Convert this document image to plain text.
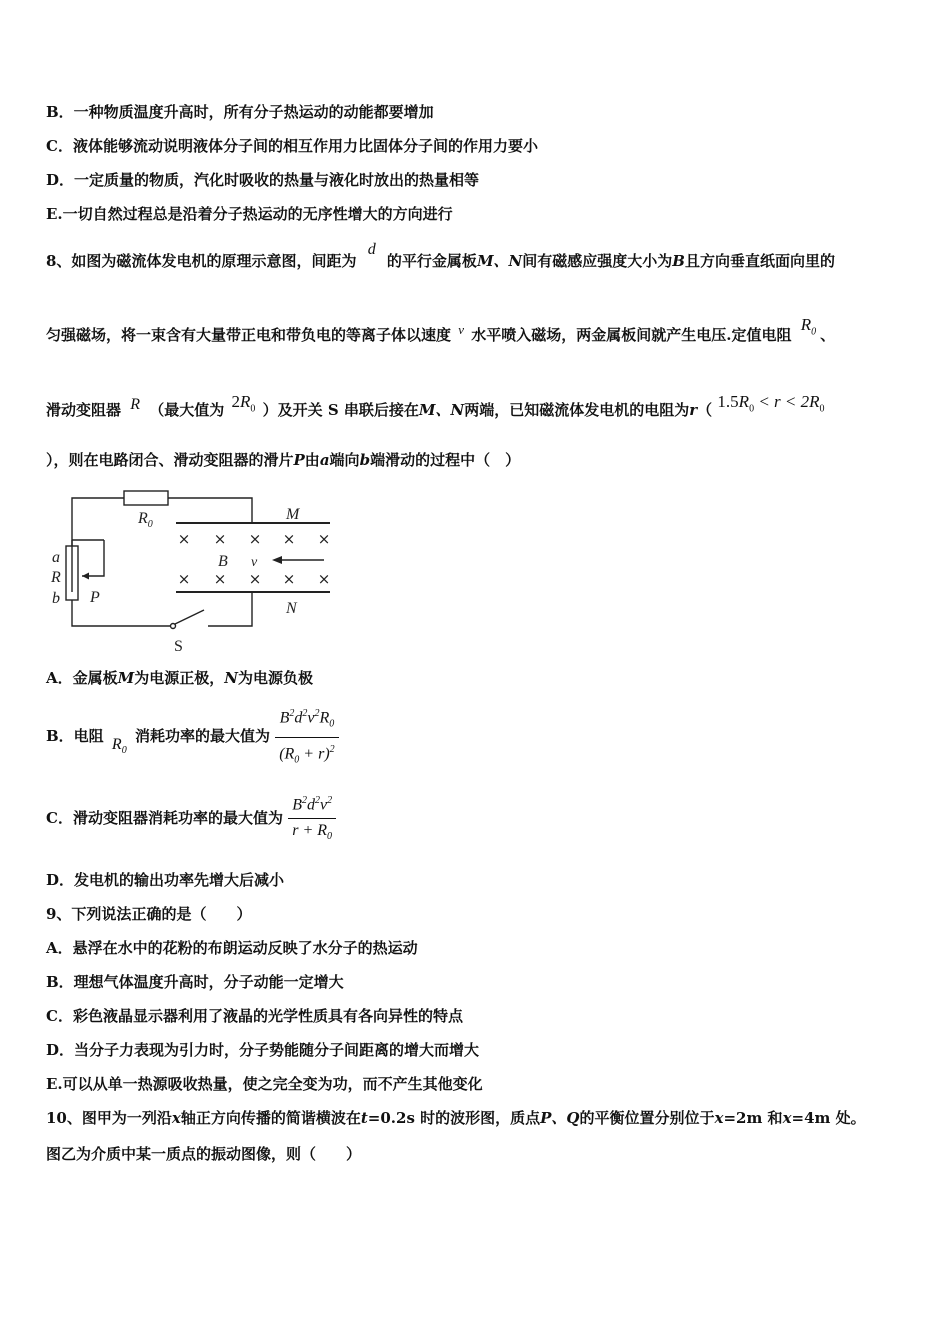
B．一种物质温度升高时，所有分子热运动的动能都要增加
C．液体能够流动说明液体分子间的相互作用力比固体分子间的作用力要小
D．一定质量的物质，汽化时吸收的热量与液化时放出的热量相等
E.一切自然过程总是沿着分子热运动的无序性增大的方向进行
8、如图为磁流体发电机的原理示意图，间距为 d 的平行金属板M、N间有磁感应强度大小为B且方向垂直纸面向里的
匀强磁场，将一束含有大量带正电和带负电的等离子体以速度 v 水平喷入磁场，两金属板间就产生电压.定值电阻 $R_0$ 、
滑动变阻器 R （最大值为 $2R_0$ ）及开关 S 串联后接在M、N两端，已知磁流体发电机的电阻为r（ $1.5R_0 < r < 2R_0$
），则在电路闭合、滑动变阻器的滑片P由a端向b端滑动的过程中（　）
× × × × ×
× × × × ×
$R_0$
M
N
B v
a
R
b P
S
A．金属板M为电源正极，N为电源负极
B．电阻 $R_0$ 消耗功率的最大值为 $\frac{B^2d^2v^2R_0}{(R_0 + r)^2}$
C．滑动变阻器消耗功率的最大值为 $\frac{B^2d^2v^2}{r + R_0}$
D．发电机的输出功率先增大后减小
9、下列说法正确的是（　　）
A．悬浮在水中的花粉的布朗运动反映了水分子的热运动
B．理想气体温度升高时，分子动能一定增大
C．彩色液晶显示器利用了液晶的光学性质具有各向异性的特点
D．当分子力表现为引力时，分子势能随分子间距离的增大而增大
E.可以从单一热源吸收热量，使之完全变为功，而不产生其他变化
10、图甲为一列沿x轴正方向传播的简谐横波在t=0.2s 时的波形图，质点P、Q的平衡位置分别位于x=2m 和x=4m 处。
图乙为介质中某一质点的振动图像，则（　　）
